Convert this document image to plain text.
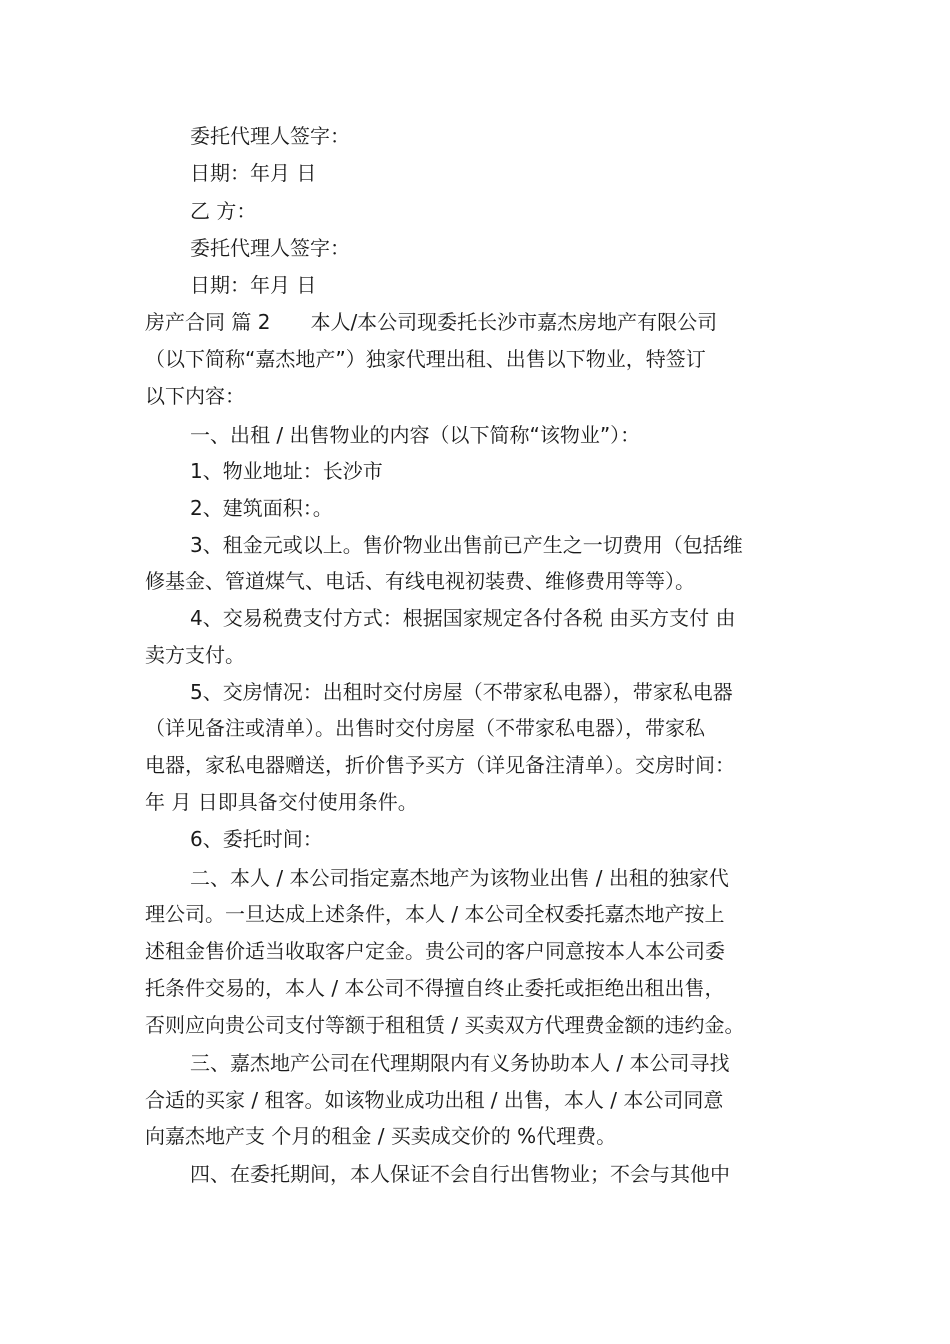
委托代理人签字：

日期：年月 日

乙 方：

委托代理人签字：

日期：年月 日

房产合同 篇 2　　本人/本公司现委托长沙市嘉杰房地产有限公司

（以下简称“嘉杰地产”）独家代理出租、出售以下物业，特签订

以下内容：

一、出租 / 出售物业的内容（以下简称“该物业”）：

1、物业地址：长沙市

2、建筑面积：。

3、租金元或以上。售价物业出售前已产生之一切费用（包括维

修基金、管道煤气、电话、有线电视初装费、维修费用等等）。

4、交易税费支付方式：根据国家规定各付各税 由买方支付 由

卖方支付。

5、交房情况：出租时交付房屋（不带家私电器），带家私电器

（详见备注或清单）。出售时交付房屋（不带家私电器），带家私

电器，家私电器赠送，折价售予买方（详见备注清单）。交房时间：

年 月 日即具备交付使用条件。

6、委托时间：

二、本人 / 本公司指定嘉杰地产为该物业出售 / 出租的独家代

理公司。一旦达成上述条件，本人 / 本公司全权委托嘉杰地产按上

述租金售价适当收取客户定金。贵公司的客户同意按本人本公司委

托条件交易的，本人 / 本公司不得擅自终止委托或拒绝出租出售，

否则应向贵公司支付等额于租租赁 / 买卖双方代理费金额的违约金。

三、嘉杰地产公司在代理期限内有义务协助本人 / 本公司寻找

合适的买家 / 租客。如该物业成功出租 / 出售，本人 / 本公司同意

向嘉杰地产支 个月的租金 / 买卖成交价的 %代理费。

四、在委托期间，本人保证不会自行出售物业；不会与其他中
